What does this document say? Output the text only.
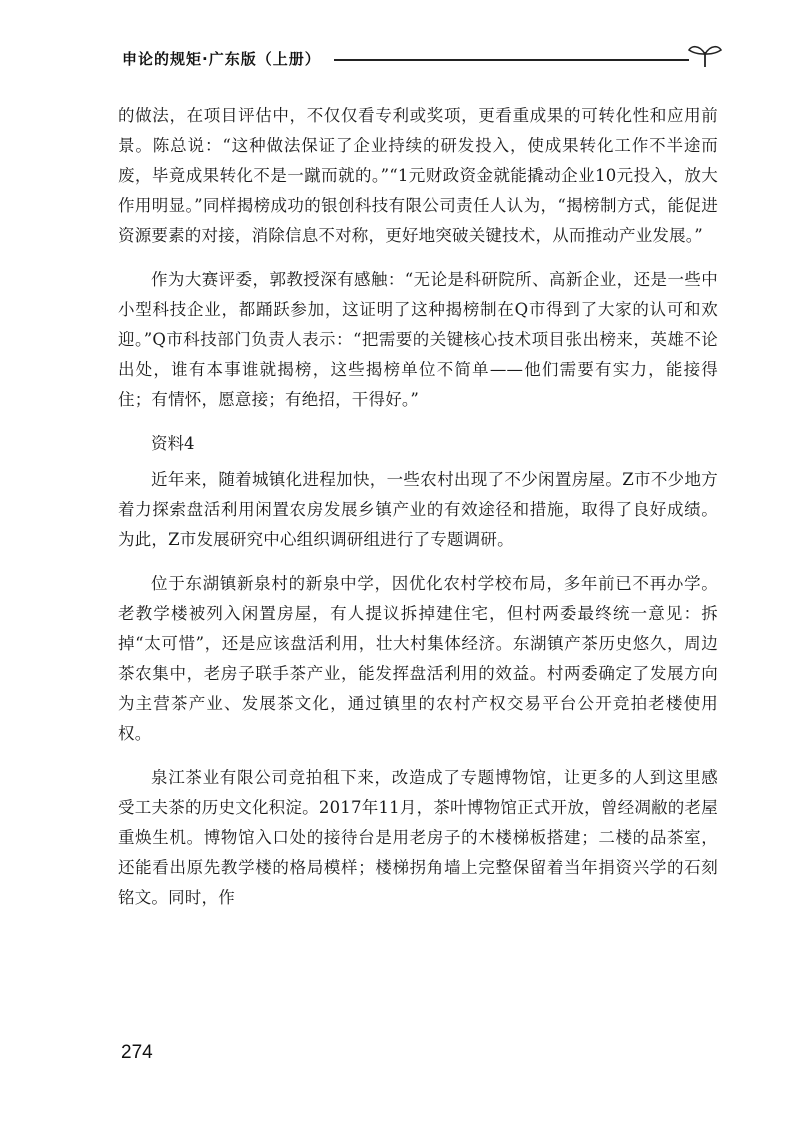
申论的规矩·广东版（上册）

的做法，在项目评估中，不仅仅看专利或奖项，更看重成果的可转化性和应用前景。陈总说：“这种做法保证了企业持续的研发投入，使成果转化工作不半途而废，毕竟成果转化不是一蹴而就的。”“1元财政资金就能撬动企业10元投入，放大作用明显。”同样揭榜成功的银创科技有限公司责任人认为，“揭榜制方式，能促进资源要素的对接，消除信息不对称，更好地突破关键技术，从而推动产业发展。”

作为大赛评委，郭教授深有感触：“无论是科研院所、高新企业，还是一些中小型科技企业，都踊跃参加，这证明了这种揭榜制在Q市得到了大家的认可和欢迎。”Q市科技部门负责人表示：“把需要的关键核心技术项目张出榜来，英雄不论出处，谁有本事谁就揭榜，这些揭榜单位不简单——他们需要有实力，能接得住；有情怀，愿意接；有绝招，干得好。”

资料4

近年来，随着城镇化进程加快，一些农村出现了不少闲置房屋。Z市不少地方着力探索盘活利用闲置农房发展乡镇产业的有效途径和措施，取得了良好成绩。为此，Z市发展研究中心组织调研组进行了专题调研。

位于东湖镇新泉村的新泉中学，因优化农村学校布局，多年前已不再办学。老教学楼被列入闲置房屋，有人提议拆掉建住宅，但村两委最终统一意见：拆掉“太可惜”，还是应该盘活利用，壮大村集体经济。东湖镇产茶历史悠久，周边茶农集中，老房子联手茶产业，能发挥盘活利用的效益。村两委确定了发展方向为主营茶产业、发展茶文化，通过镇里的农村产权交易平台公开竞拍老楼使用权。

泉江茶业有限公司竞拍租下来，改造成了专题博物馆，让更多的人到这里感受工夫茶的历史文化积淀。2017年11月，茶叶博物馆正式开放，曾经凋敝的老屋重焕生机。博物馆入口处的接待台是用老房子的木楼梯板搭建；二楼的品茶室，还能看出原先教学楼的格局模样；楼梯拐角墙上完整保留着当年捐资兴学的石刻铭文。同时，作

274
